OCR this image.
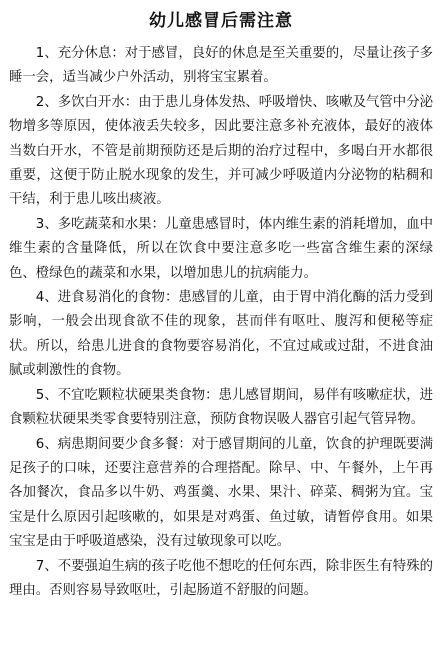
幼儿感冒后需注意

1、充分休息：对于感冒，良好的休息是至关重要的，尽量让孩子多睡一会，适当减少户外活动，别将宝宝累着。

2、多饮白开水：由于患儿身体发热、呼吸增快、咳嗽及气管中分泌物增多等原因，使体液丢失较多，因此要注意多补充液体，最好的液体当数白开水，不管是前期预防还是后期的治疗过程中，多喝白开水都很重要，这便于防止脱水现象的发生，并可减少呼吸道内分泌物的粘稠和干结，利于患儿咳出痰液。

3、多吃蔬菜和水果：儿童患感冒时，体内维生素的消耗增加，血中维生素的含量降低，所以在饮食中要注意多吃一些富含维生素的深绿色、橙绿色的蔬菜和水果，以增加患儿的抗病能力。

4、进食易消化的食物：患感冒的儿童，由于胃中消化酶的活力受到影响，一般会出现食欲不佳的现象，甚而伴有呕吐、腹泻和便秘等症状。所以，给患儿进食的食物要容易消化，不宜过咸或过甜，不进食油腻或刺激性的食物。

5、不宜吃颗粒状硬果类食物：患儿感冒期间，易伴有咳嗽症状，进食颗粒状硬果类零食要特别注意，预防食物误吸人器官引起气管异物。

6、病患期间要少食多餐：对于感冒期间的儿童，饮食的护理既要满足孩子的口味，还要注意营养的合理搭配。除早、中、午餐外，上午再各加餐次，食品多以牛奶、鸡蛋羹、水果、果汁、碎菜、稠粥为宜。宝宝是什么原因引起咳嗽的，如果是对鸡蛋、鱼过敏，请暂停食用。如果宝宝是由于呼吸道感染，没有过敏现象可以吃。

7、不要强迫生病的孩子吃他不想吃的任何东西，除非医生有特殊的理由。否则容易导致呕吐，引起肠道不舒服的问题。
